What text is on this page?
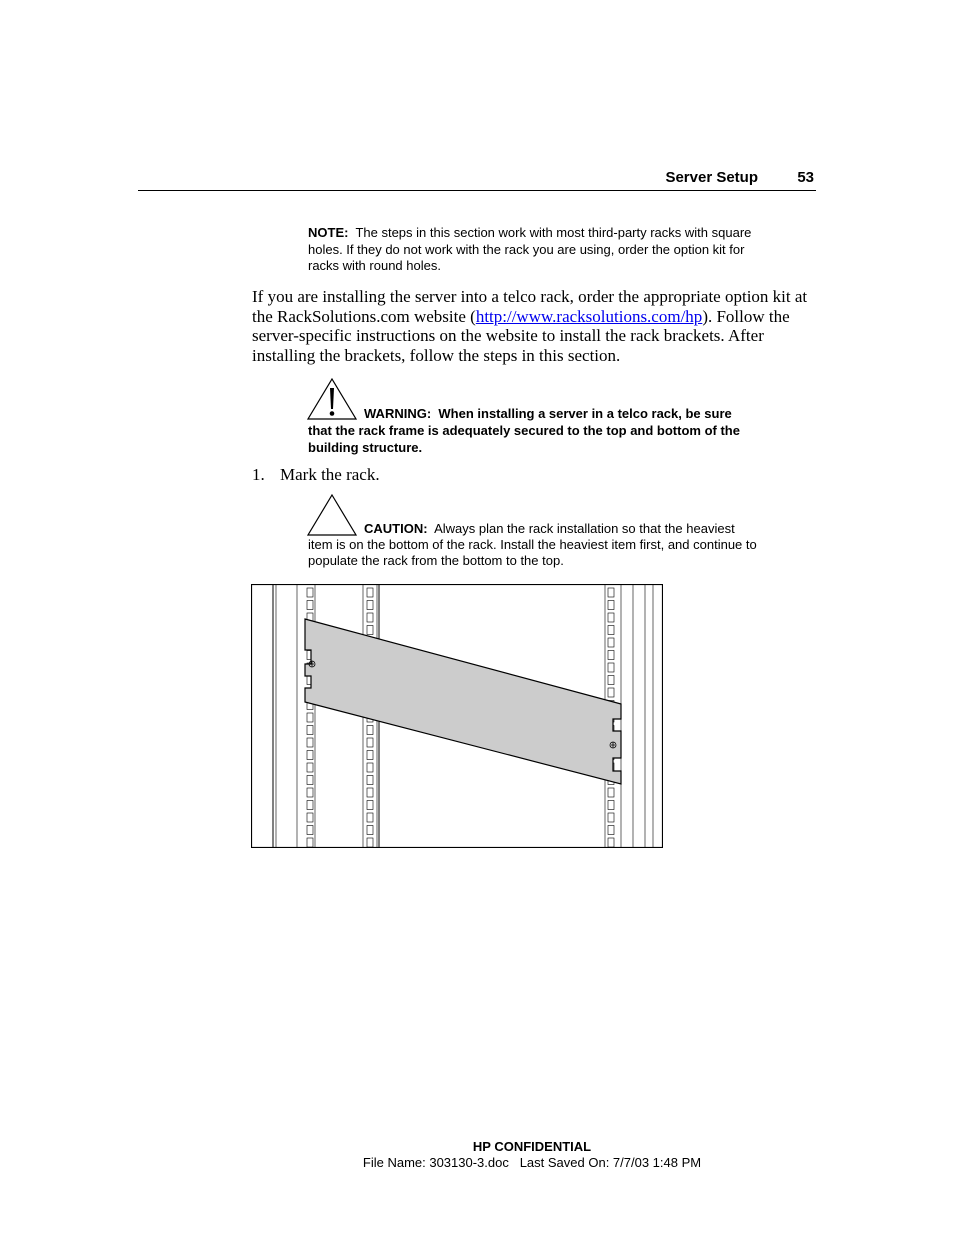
Server Setup	53
NOTE: The steps in this section work with most third-party racks with square holes. If they do not work with the rack you are using, order the option kit for racks with round holes.
If you are installing the server into a telco rack, order the appropriate option kit at the RackSolutions.com website (http://www.racksolutions.com/hp). Follow the server-specific instructions on the website to install the rack brackets. After installing the brackets, follow the steps in this section.
WARNING: When installing a server in a telco rack, be sure that the rack frame is adequately secured to the top and bottom of the building structure.
1. Mark the rack.
CAUTION: Always plan the rack installation so that the heaviest item is on the bottom of the rack. Install the heaviest item first, and continue to populate the rack from the bottom to the top.
HP CONFIDENTIAL
File Name: 303130-3.doc   Last Saved On: 7/7/03 1:48 PM
